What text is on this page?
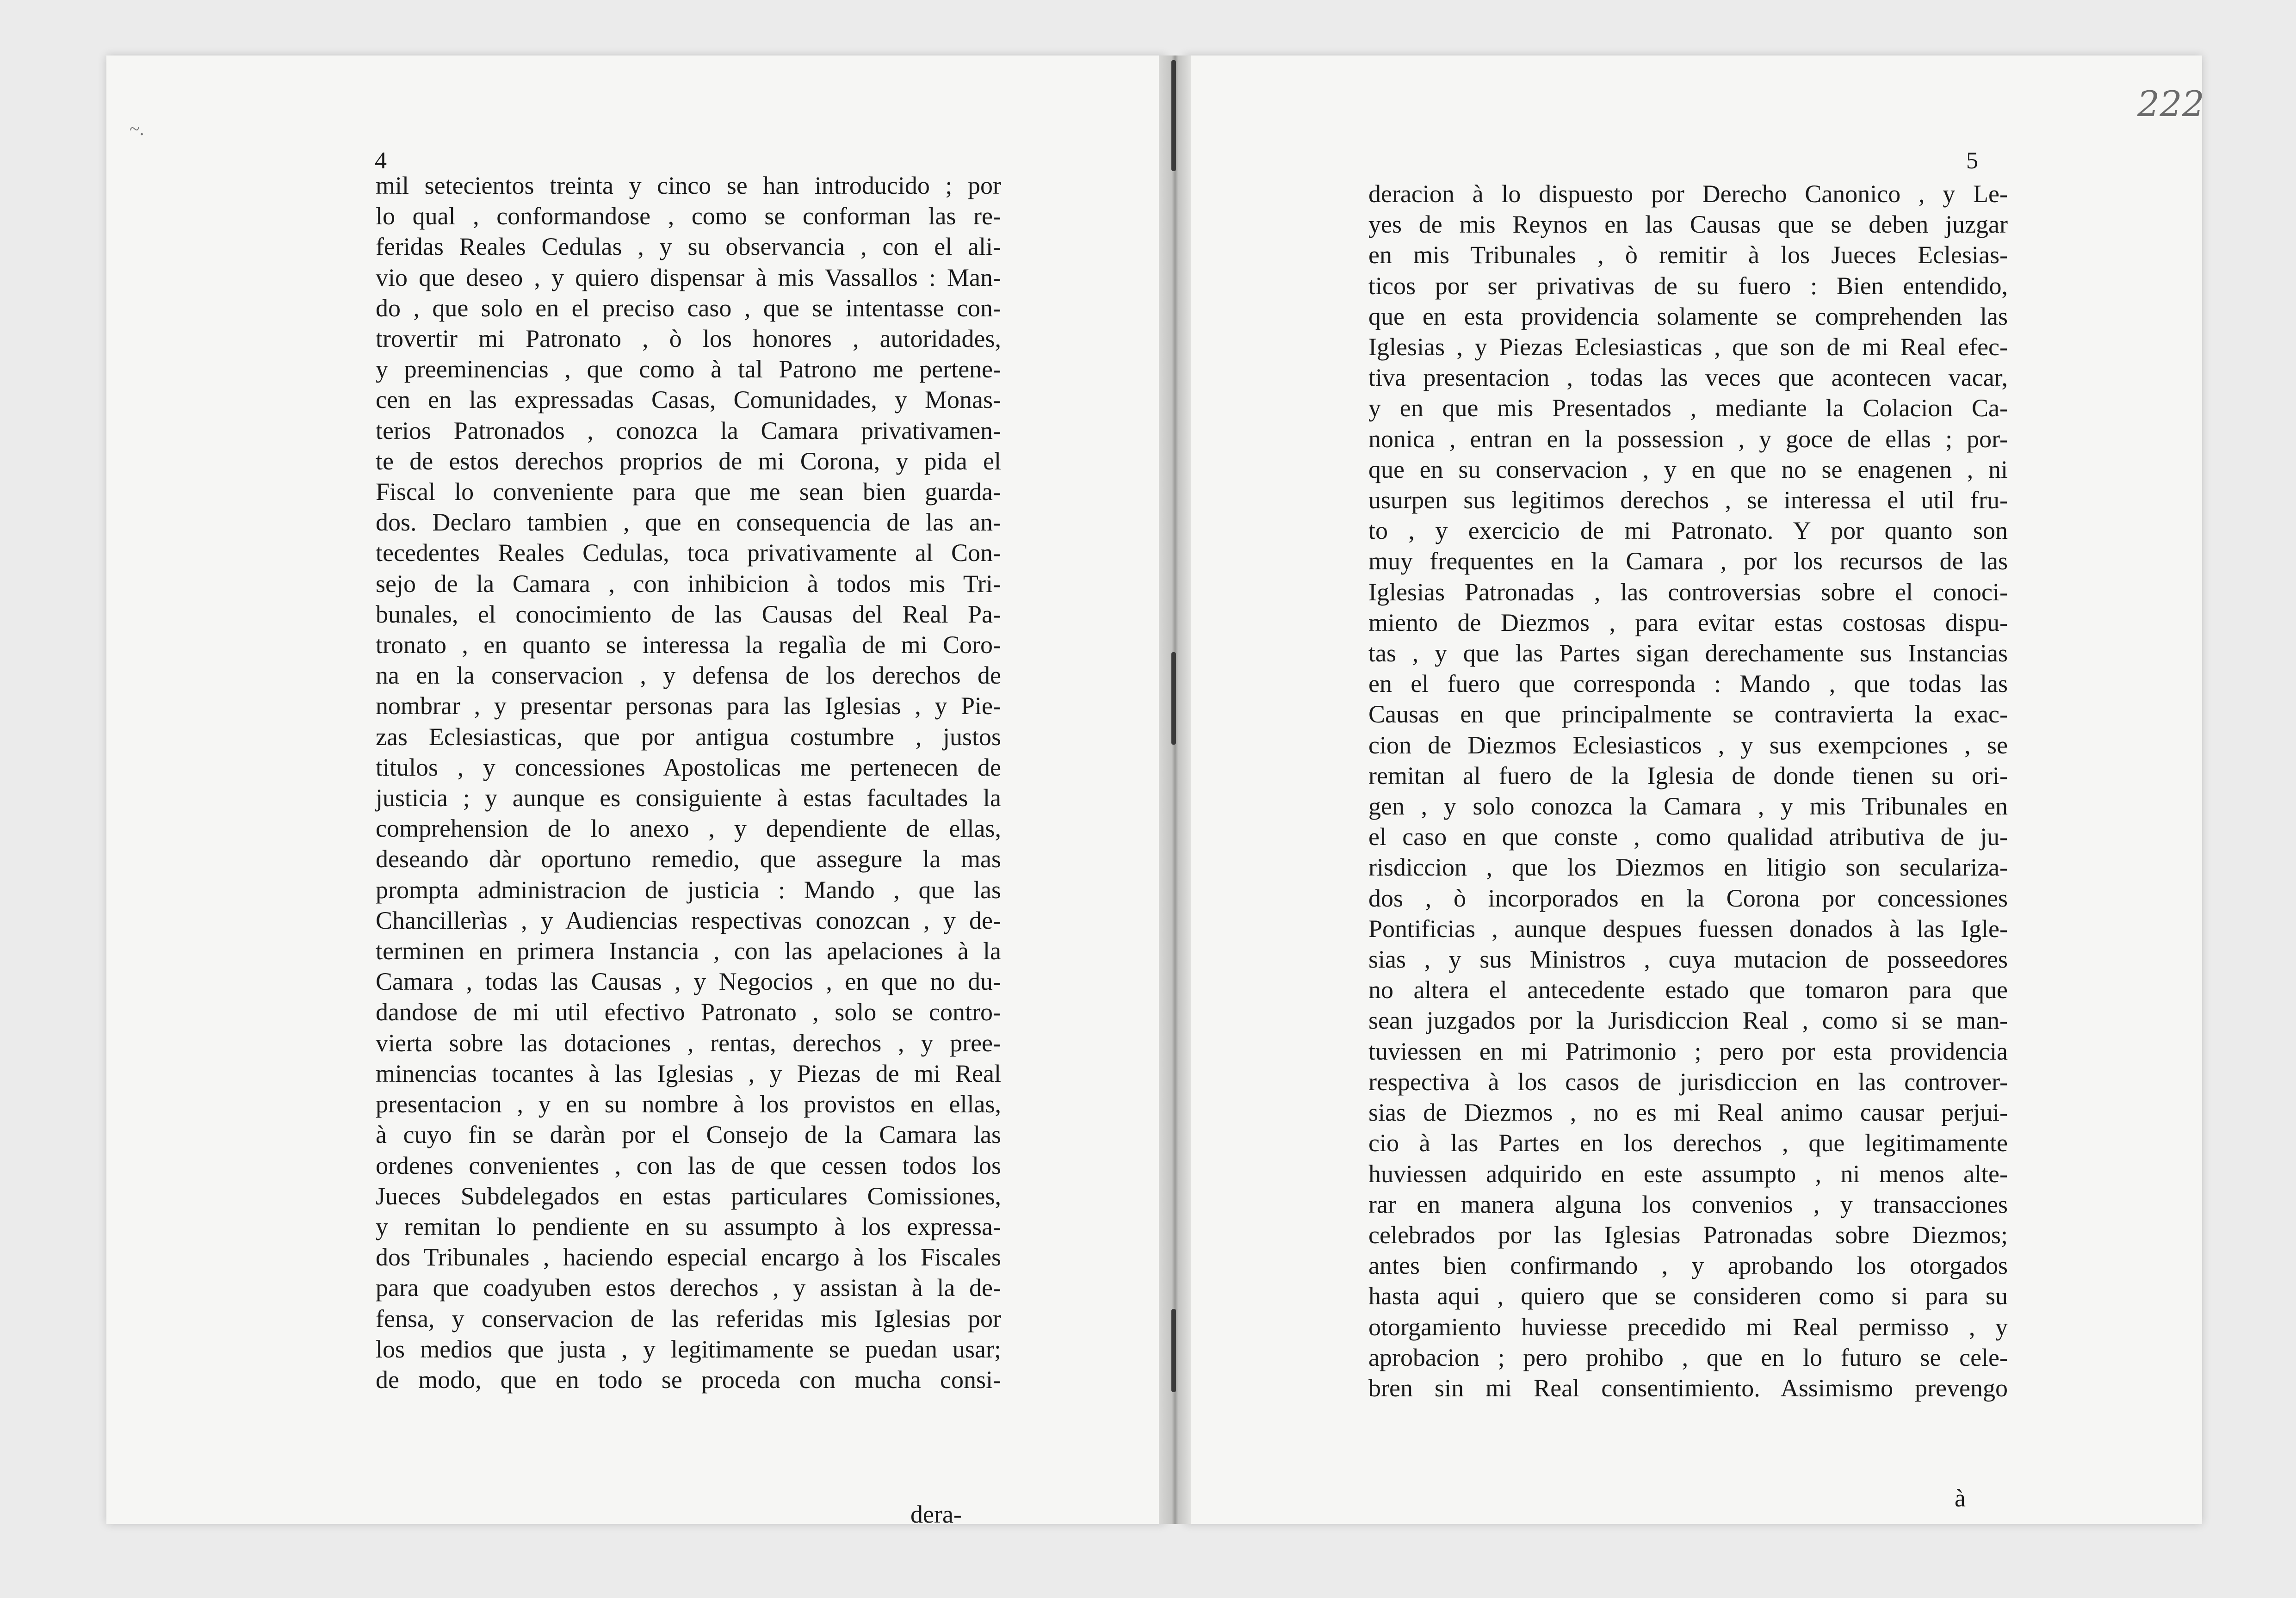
~.
4	5
222
mil setecientos treinta y cinco se han introducido ; por
lo qual , conformandose , como se conforman las re-
feridas Reales Cedulas , y su observancia , con el ali-
vio que deseo , y quiero dispensar à mis Vassallos : Man-
do , que solo en el preciso caso , que se intentasse con-
trovertir mi Patronato , ò los honores , autoridades,
y preeminencias , que como à tal Patrono me pertene-
cen en las expressadas Casas, Comunidades, y Monas-
terios Patronados , conozca la Camara privativamen-
te de estos derechos proprios de mi Corona, y pida el
Fiscal lo conveniente para que me sean bien guarda-
dos. Declaro tambien , que en consequencia de las an-
tecedentes Reales Cedulas, toca privativamente al Con-
sejo de la Camara , con inhibicion à todos mis Tri-
bunales, el conocimiento de las Causas del Real Pa-
tronato , en quanto se interessa la regalìa de mi Coro-
na en la conservacion , y defensa de los derechos de
nombrar , y presentar personas para las Iglesias , y Pie-
zas Eclesiasticas, que por antigua costumbre , justos
titulos , y concessiones Apostolicas me pertenecen de
justicia ; y aunque es consiguiente à estas facultades la
comprehension de lo anexo , y dependiente de ellas,
deseando dàr oportuno remedio, que assegure la mas
prompta administracion de justicia : Mando , que las
Chancillerìas , y Audiencias respectivas conozcan , y de-
terminen en primera Instancia , con las apelaciones à la
Camara , todas las Causas , y Negocios , en que no du-
dandose de mi util efectivo Patronato , solo se contro-
vierta sobre las dotaciones , rentas, derechos , y pree-
minencias tocantes à las Iglesias , y Piezas de mi Real
presentacion , y en su nombre à los provistos en ellas,
à cuyo fin se daràn por el Consejo de la Camara las
ordenes convenientes , con las de que cessen todos los
Jueces Subdelegados en estas particulares Comissiones,
y remitan lo pendiente en su assumpto à los expressa-
dos Tribunales , haciendo especial encargo à los Fiscales
para que coadyuben estos derechos , y assistan à la de-
fensa, y conservacion de las referidas mis Iglesias por
los medios que justa , y legitimamente se puedan usar;
de modo, que en todo se proceda con mucha consi-
dera-
deracion à lo dispuesto por Derecho Canonico , y Le-
yes de mis Reynos en las Causas que se deben juzgar
en mis Tribunales , ò remitir à los Jueces Eclesias-
ticos por ser privativas de su fuero : Bien entendido,
que en esta providencia solamente se comprehenden las
Iglesias , y Piezas Eclesiasticas , que son de mi Real efec-
tiva presentacion , todas las veces que acontecen vacar,
y en que mis Presentados , mediante la Colacion Ca-
nonica , entran en la possession , y goce de ellas ; por-
que en su conservacion , y en que no se enagenen , ni
usurpen sus legitimos derechos , se interessa el util fru-
to , y exercicio de mi Patronato. Y por quanto son
muy frequentes en la Camara , por los recursos de las
Iglesias Patronadas , las controversias sobre el conoci-
miento de Diezmos , para evitar estas costosas dispu-
tas , y que las Partes sigan derechamente sus Instancias
en el fuero que corresponda : Mando , que todas las
Causas en que principalmente se contravierta la exac-
cion de Diezmos Eclesiasticos , y sus exempciones , se
remitan al fuero de la Iglesia de donde tienen su ori-
gen , y solo conozca la Camara , y mis Tribunales en
el caso en que conste , como qualidad atributiva de ju-
risdiccion , que los Diezmos en litigio son seculariza-
dos , ò incorporados en la Corona por concessiones
Pontificias , aunque despues fuessen donados à las Igle-
sias , y sus Ministros , cuya mutacion de posseedores
no altera el antecedente estado que tomaron para que
sean juzgados por la Jurisdiccion Real , como si se man-
tuviessen en mi Patrimonio ; pero por esta providencia
respectiva à los casos de jurisdiccion en las controver-
sias de Diezmos , no es mi Real animo causar perjui-
cio à las Partes en los derechos , que legitimamente
huviessen adquirido en este assumpto , ni menos alte-
rar en manera alguna los convenios , y transacciones
celebrados por las Iglesias Patronadas sobre Diezmos;
antes bien confirmando , y aprobando los otorgados
hasta aqui , quiero que se consideren como si para su
otorgamiento huviesse precedido mi Real permisso , y
aprobacion ; pero prohibo , que en lo futuro se cele-
bren sin mi Real consentimiento. Assimismo prevengo
à
